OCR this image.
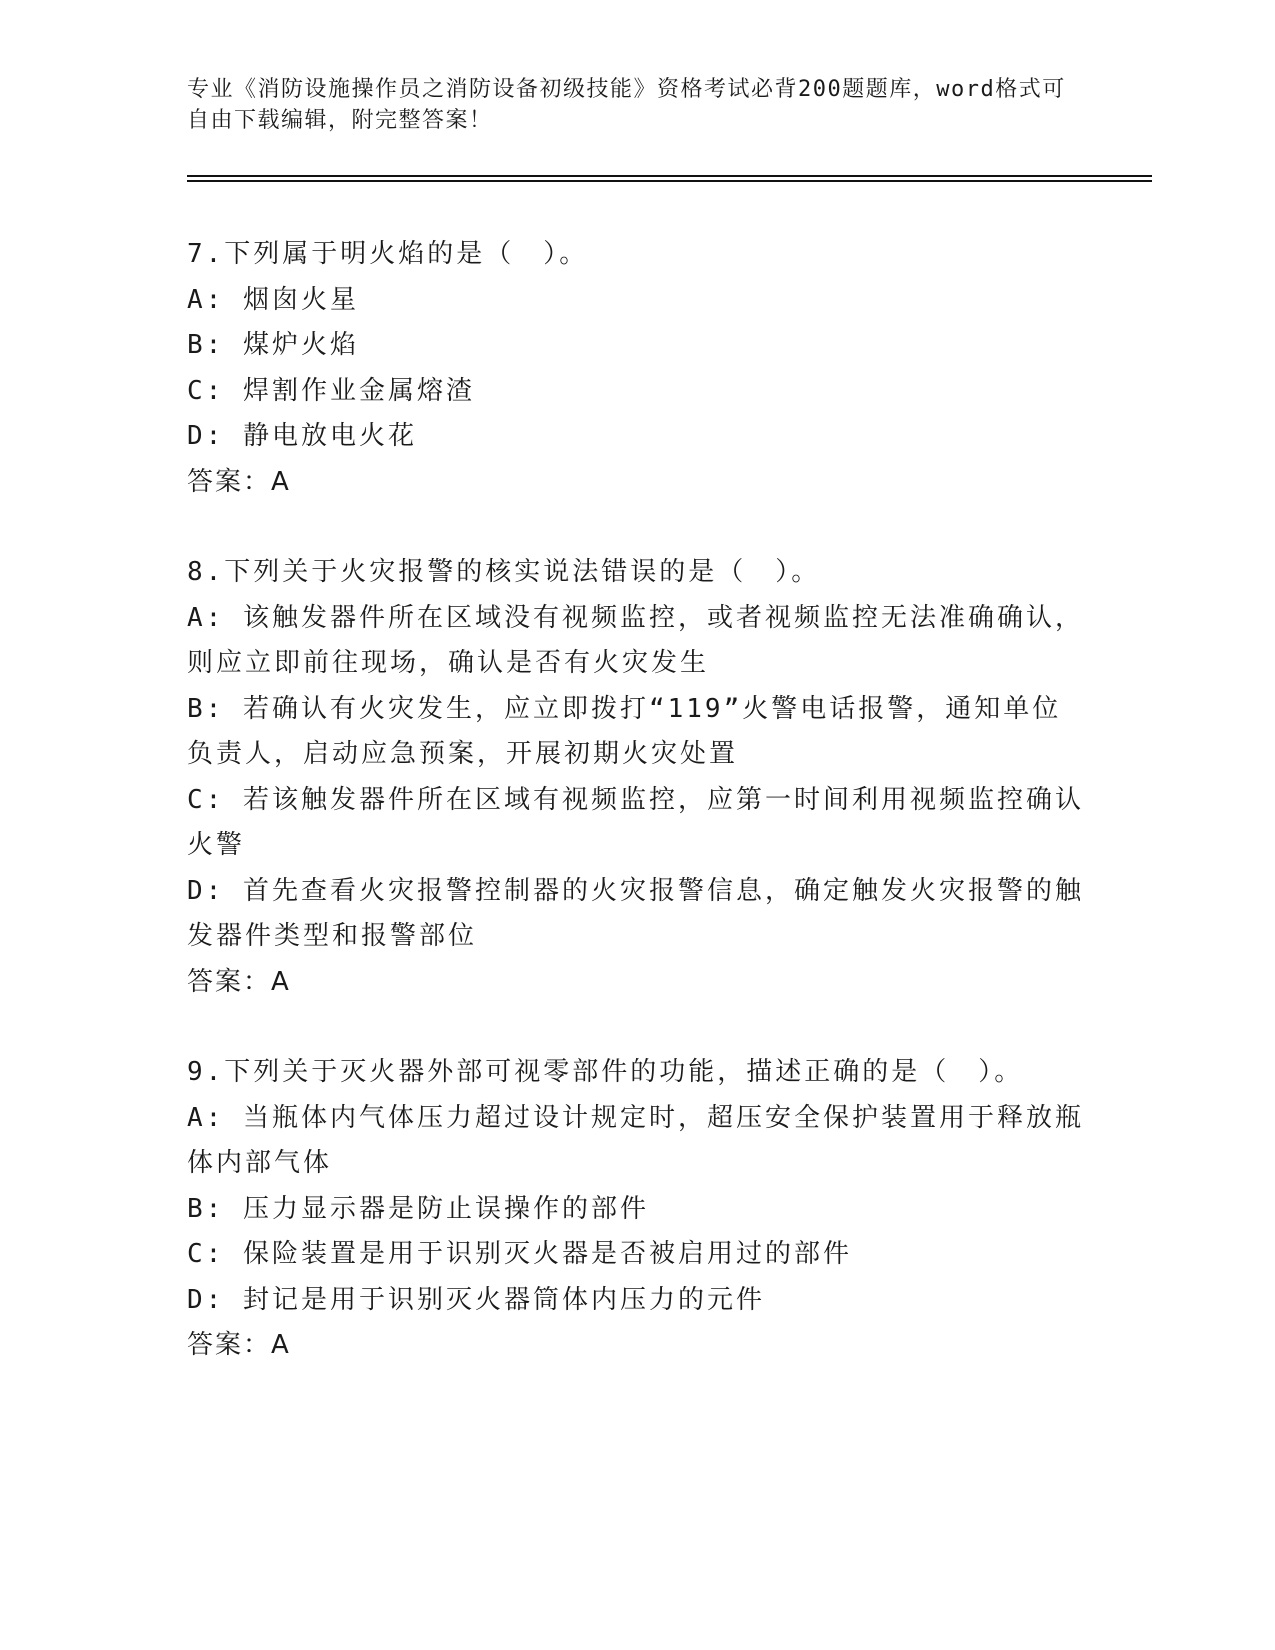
专业《消防设施操作员之消防设备初级技能》资格考试必背200题题库，word格式可自由下载编辑，附完整答案！

7.下列属于明火焰的是（　）。

A: 烟囱火星

B: 煤炉火焰

C: 焊割作业金属熔渣

D: 静电放电火花

答案：A

8.下列关于火灾报警的核实说法错误的是（　）。

A: 该触发器件所在区域没有视频监控，或者视频监控无法准确确认，则应立即前往现场，确认是否有火灾发生

B: 若确认有火灾发生，应立即拨打“119”火警电话报警，通知单位负责人，启动应急预案，开展初期火灾处置

C: 若该触发器件所在区域有视频监控，应第一时间利用视频监控确认火警

D: 首先查看火灾报警控制器的火灾报警信息，确定触发火灾报警的触发器件类型和报警部位

答案：A

9.下列关于灭火器外部可视零部件的功能，描述正确的是（　）。

A: 当瓶体内气体压力超过设计规定时，超压安全保护装置用于释放瓶体内部气体

B: 压力显示器是防止误操作的部件

C: 保险装置是用于识别灭火器是否被启用过的部件

D: 封记是用于识别灭火器筒体内压力的元件

答案：A
